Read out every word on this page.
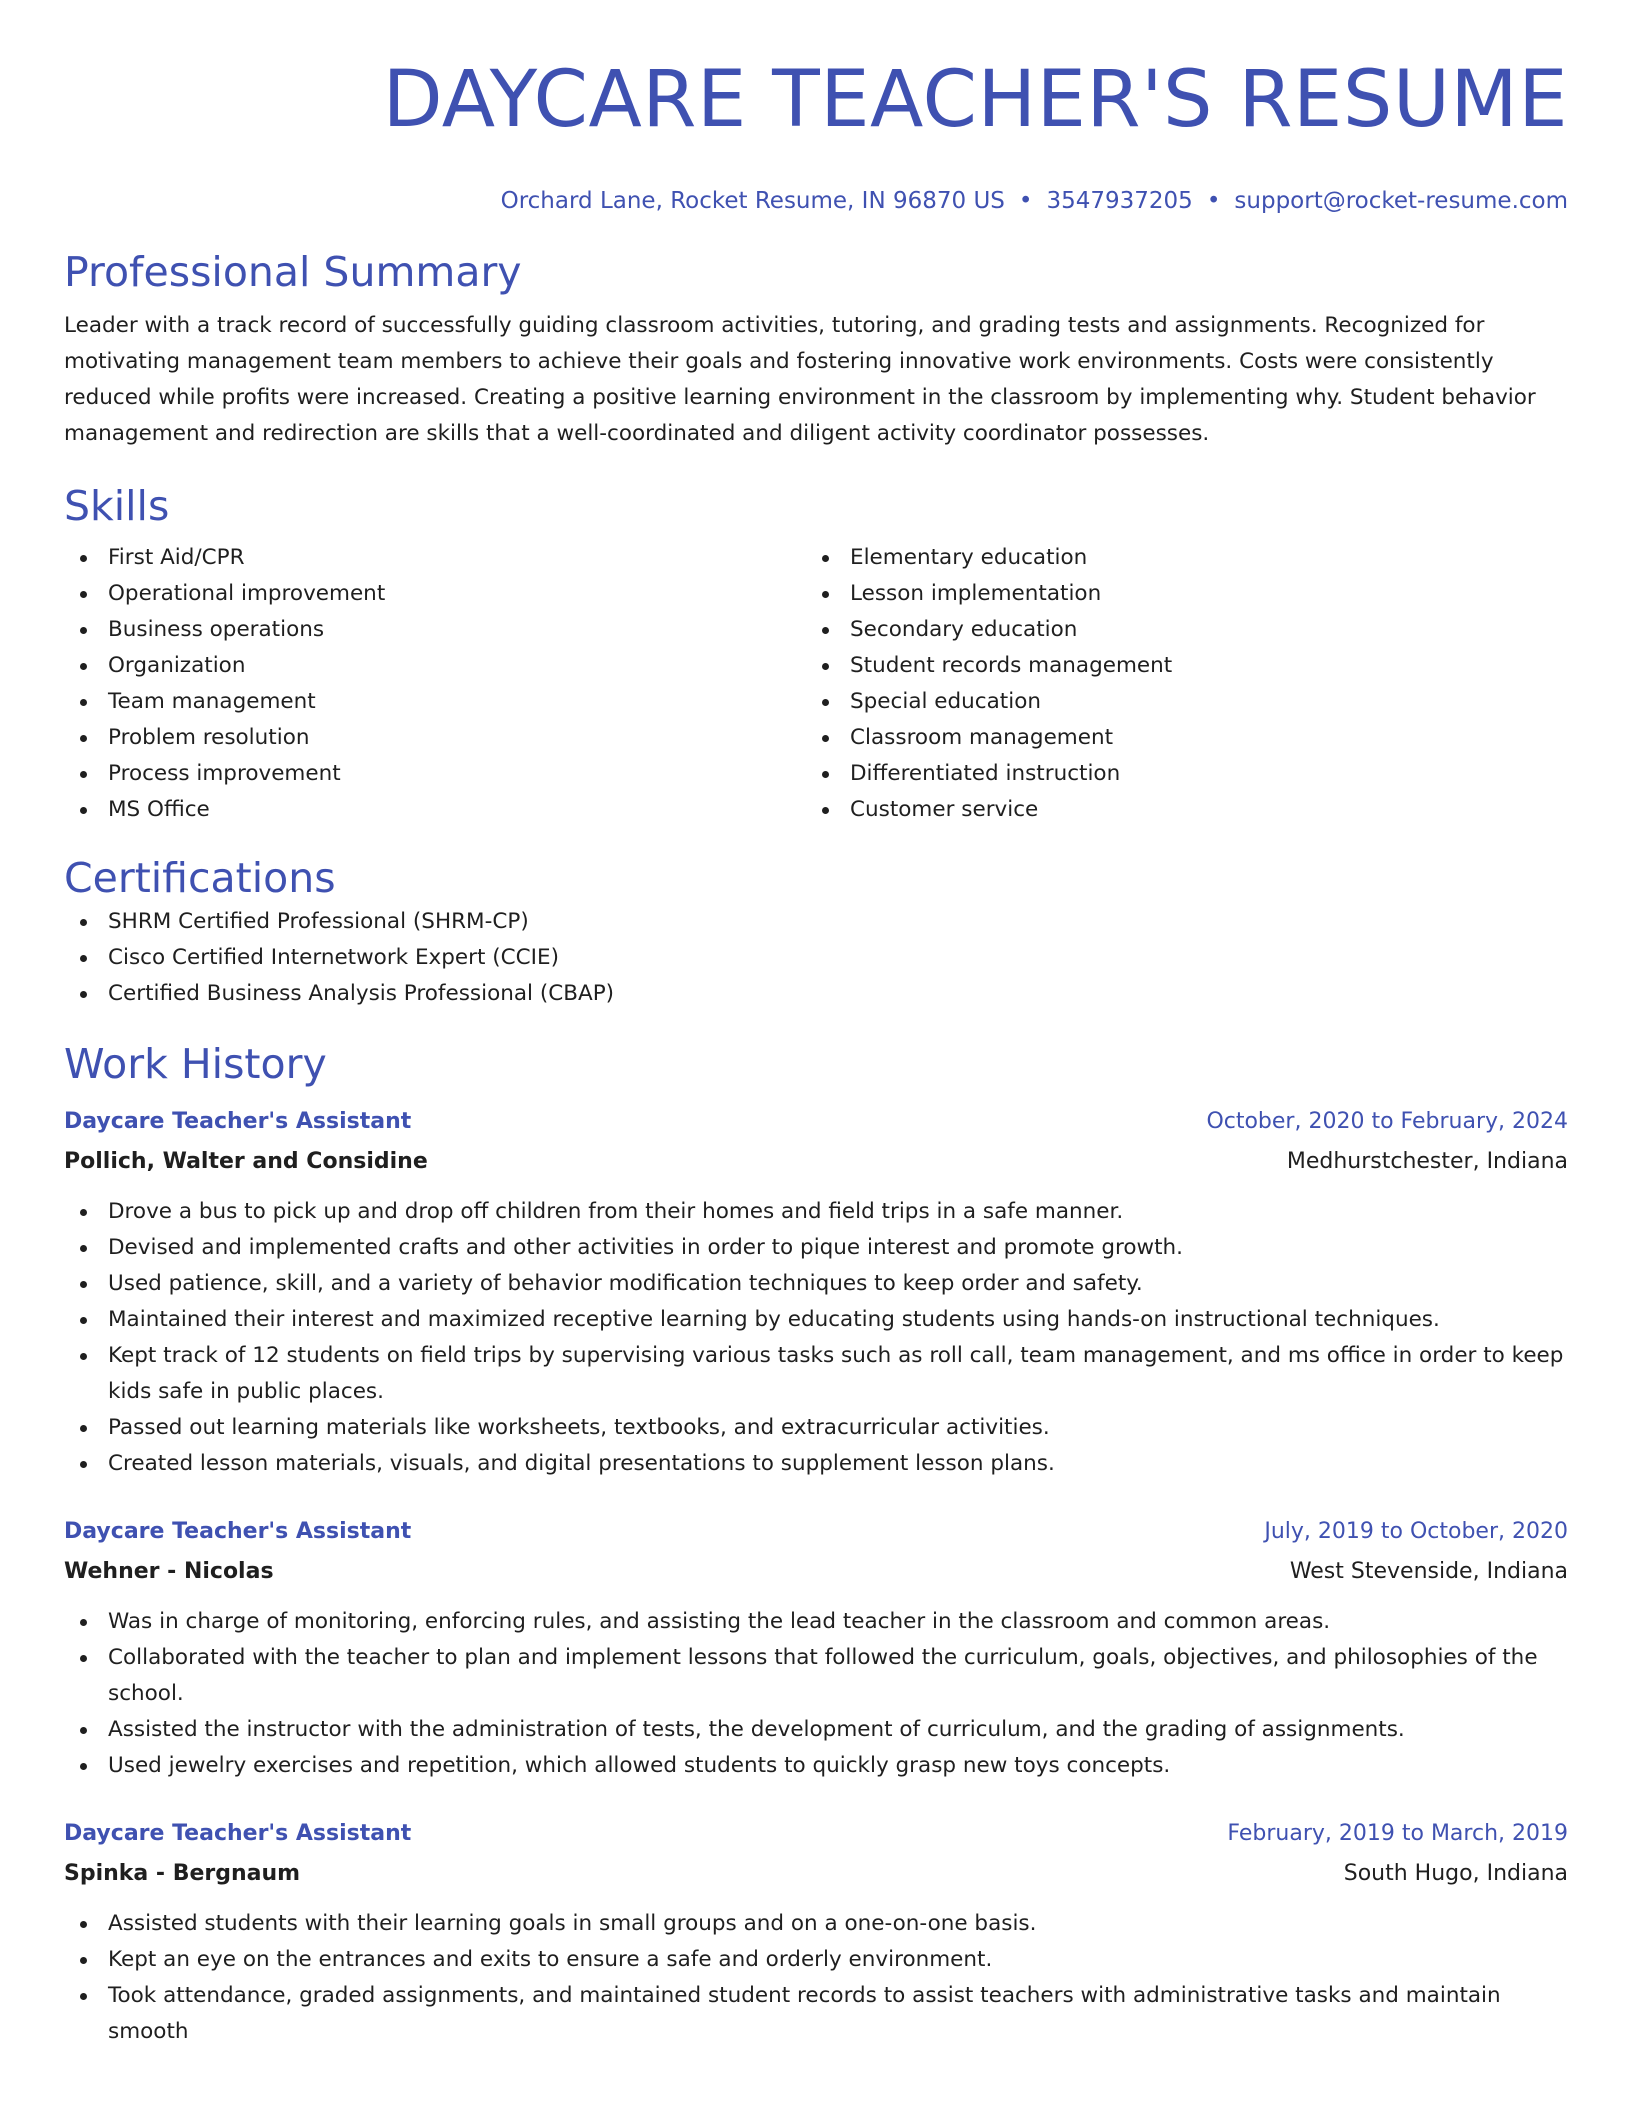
DAYCARE TEACHER'S RESUME
Orchard Lane, Rocket Resume, IN 96870 US • 3547937205 • support@rocket-resume.com
Professional Summary

Leader with a track record of successfully guiding classroom activities, tutoring, and grading tests and assignments. Recognized for motivating management team members to achieve their goals and fostering innovative work environments. Costs were consistently reduced while profits were increased. Creating a positive learning environment in the classroom by implementing why. Student behavior management and redirection are skills that a well-coordinated and diligent activity coordinator possesses.

Skills
First Aid/CPR
Operational improvement
Business operations
Organization
Team management
Problem resolution
Process improvement
MS Office
Elementary education
Lesson implementation
Secondary education
Student records management
Special education
Classroom management
Differentiated instruction
Customer service
Certifications
SHRM Certified Professional (SHRM-CP)
Cisco Certified Internetwork Expert (CCIE)
Certified Business Analysis Professional (CBAP)
Work History
Daycare Teacher's Assistant	October, 2020 to February, 2024
Pollich, Walter and Considine	Medhurstchester, Indiana
Drove a bus to pick up and drop off children from their homes and field trips in a safe manner.
Devised and implemented crafts and other activities in order to pique interest and promote growth.
Used patience, skill, and a variety of behavior modification techniques to keep order and safety.
Maintained their interest and maximized receptive learning by educating students using hands-on instructional techniques.
Kept track of 12 students on field trips by supervising various tasks such as roll call, team management, and ms office in order to keep kids safe in public places.
Passed out learning materials like worksheets, textbooks, and extracurricular activities.
Created lesson materials, visuals, and digital presentations to supplement lesson plans.
Daycare Teacher's Assistant	July, 2019 to October, 2020
Wehner - Nicolas	West Stevenside, Indiana
Was in charge of monitoring, enforcing rules, and assisting the lead teacher in the classroom and common areas.
Collaborated with the teacher to plan and implement lessons that followed the curriculum, goals, objectives, and philosophies of the school.
Assisted the instructor with the administration of tests, the development of curriculum, and the grading of assignments.
Used jewelry exercises and repetition, which allowed students to quickly grasp new toys concepts.
Daycare Teacher's Assistant	February, 2019 to March, 2019
Spinka - Bergnaum	South Hugo, Indiana
Assisted students with their learning goals in small groups and on a one-on-one basis.
Kept an eye on the entrances and exits to ensure a safe and orderly environment.
Took attendance, graded assignments, and maintained student records to assist teachers with administrative tasks and maintain smooth
